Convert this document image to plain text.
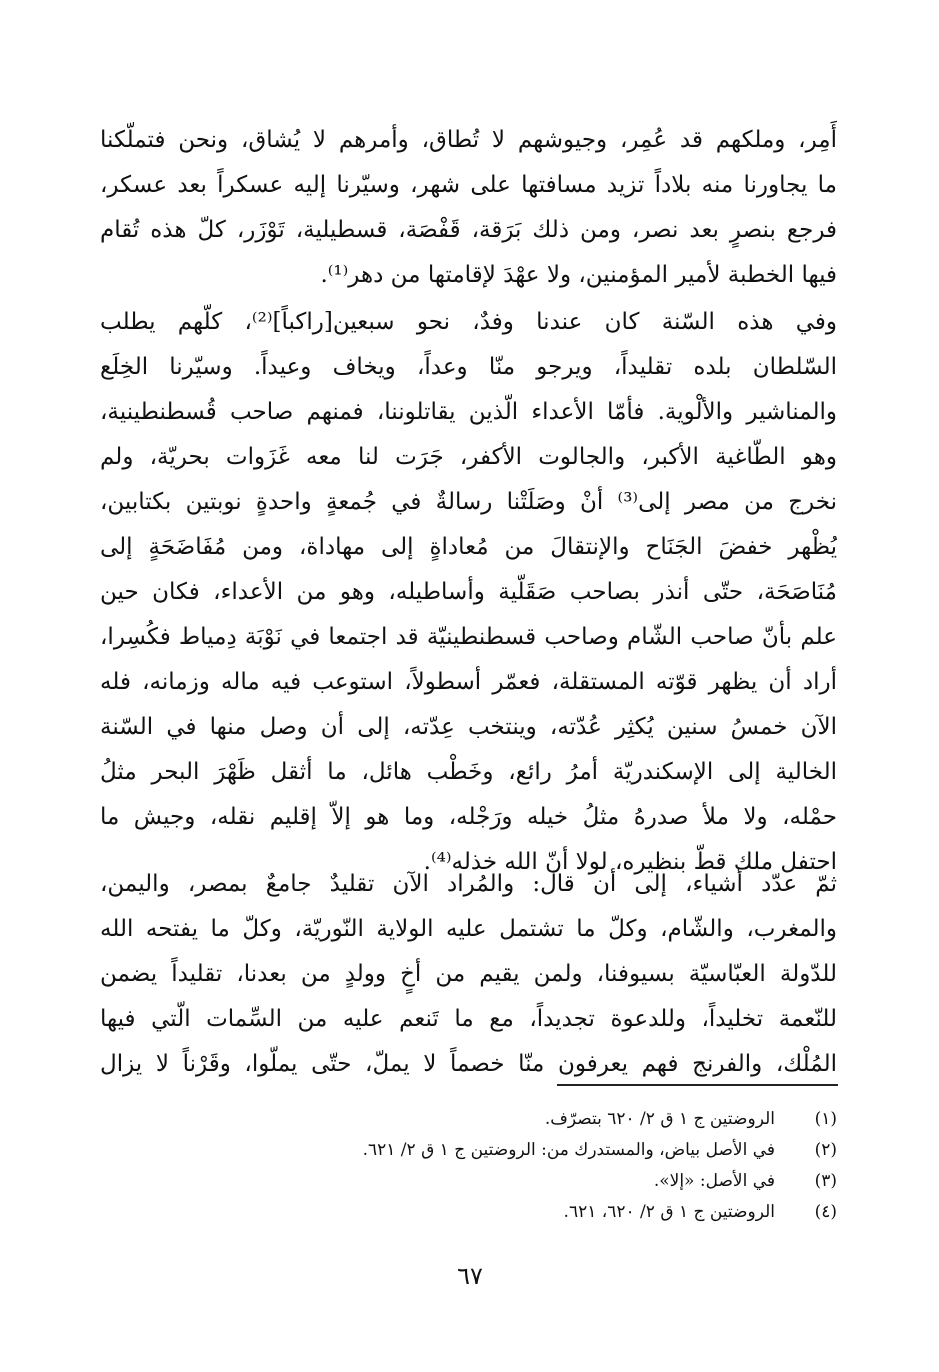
أَمِر، وملكهم قد عُمِر، وجيوشهم لا تُطاق، وأمرهم لا يُشاق، ونحن فتملّكنا
ما يجاورنا منه بلاداً تزيد مسافتها على شهر، وسيّرنا إليه عسكراً بعد عسكر،
فرجع بنصرٍ بعد نصر، ومن ذلك بَرَقة، قَفْصَة، قسطيلية، تَوْزَر، كلّ هذه تُقام
فيها الخطبة لأمير المؤمنين، ولا عهْدَ لإقامتها من دهر⁽¹⁾.
وفي هذه السّنة كان عندنا وفدٌ، نحو سبعين[راكباً]⁽²⁾، كلّهم يطلب
السّلطان بلده تقليداً، ويرجو منّا وعداً، ويخاف وعيداً. وسيّرنا الخِلَع
والمناشير والألْوية. فأمّا الأعداء الّذين يقاتلوننا، فمنهم صاحب قُسطنطينية،
وهو الطّاغية الأكبر، والجالوت الأكفر، جَرَت لنا معه غَزَوات بحريّة، ولم
نخرج من مصر إلى⁽³⁾ أنْ وصَلَتْنا رسالةٌ في جُمعةٍ واحدةٍ نوبتين بكتابين،
يُظْهر خفضَ الجَنَاح والإنتقالَ من مُعاداةٍ إلى مهاداة، ومن مُفَاضَحَةٍ إلى
مُنَاصَحَة، حتّى أنذر بصاحب صَقَلّية وأساطيله، وهو من الأعداء، فكان حين
علم بأنّ صاحب الشّام وصاحب قسطنطينيّة قد اجتمعا في نَوْبَة دِمياط فكُسِرا،
أراد أن يظهر قوّته المستقلة، فعمّر أسطولاً، استوعب فيه ماله وزمانه، فله
الآن خمسُ سنين يُكثِر عُدّته، وينتخب عِدّته، إلى أن وصل منها في السّنة
الخالية إلى الإسكندريّة أمرُ رائع، وخَطْب هائل، ما أثقل ظَهْرَ البحر مثلُ
حمْله، ولا ملأ صدرهُ مثلُ خيله ورَجْله، وما هو إلاّ إقليم نقله، وجيش ما
احتفل ملك قطّ بنظيره، لولا أنّ الله خذله⁽⁴⁾.
ثمّ عدّد أشياء، إلى أن قال: والمُراد الآن تقليدٌ جامعٌ بمصر، واليمن،
والمغرب، والشّام، وكلّ ما تشتمل عليه الولاية النّوريّة، وكلّ ما يفتحه الله
للدّولة العبّاسيّة بسيوفنا، ولمن يقيم من أخٍ وولدٍ من بعدنا، تقليداً يضمن
للنّعمة تخليداً، وللدعوة تجديداً، مع ما تَنعم عليه من السِّمات الّتي فيها
المُلْك، والفرنج فهم يعرفون منّا خصماً لا يملّ، حتّى يملّوا، وقَرْناً لا يزال
(١)
الروضتين ج ١ ق ٢/ ٦٢٠ بتصرّف.
(٢)
في الأصل بياض، والمستدرك من: الروضتين ج ١ ق ٢/ ٦٢١.
(٣)
في الأصل: «إلا».
(٤)
الروضتين ج ١ ق ٢/ ٦٢٠، ٦٢١.
٦٧
